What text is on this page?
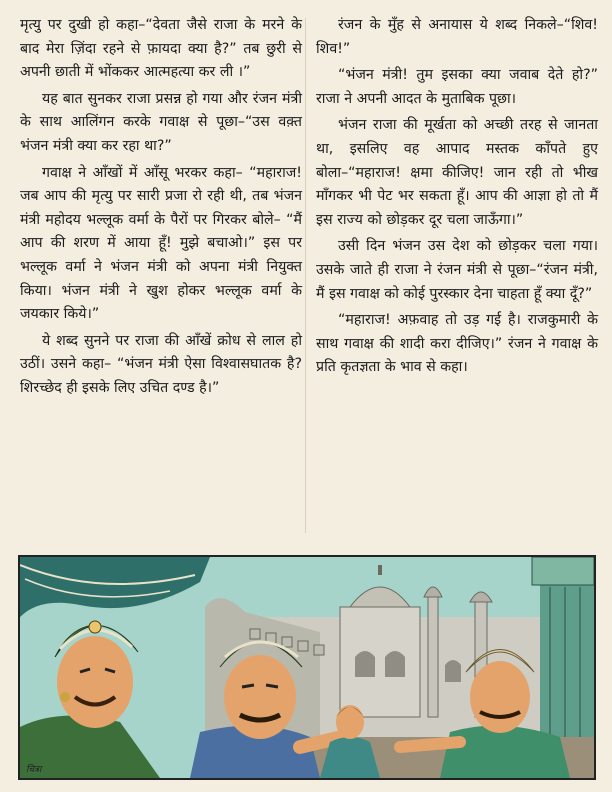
मृत्यु पर दुखी हो कहा–“देवता जैसे राजा के मरने के बाद मेरा ज़िंदा रहने से फ़ायदा क्या है?” तब छुरी से अपनी छाती में भोंककर आत्महत्या कर ली ।”

यह बात सुनकर राजा प्रसन्न हो गया और रंजन मंत्री के साथ आलिंगन करके गवाक्ष से पूछा–“उस वक़्त भंजन मंत्री क्या कर रहा था?”

गवाक्ष ने आँखों में आँसू भरकर कहा– “महाराज! जब आप की मृत्यु पर सारी प्रजा रो रही थी, तब भंजन मंत्री महोदय भल्लूक वर्मा के पैरों पर गिरकर बोले– “मैं आप की शरण में आया हूँ! मुझे बचाओ।” इस पर भल्लूक वर्मा ने भंजन मंत्री को अपना मंत्री नियुक्त किया। भंजन मंत्री ने खुश होकर भल्लूक वर्मा के जयकार किये।”

ये शब्द सुनने पर राजा की आँखें क्रोध से लाल हो उठीं। उसने कहा– “भंजन मंत्री ऐसा विश्वासघातक है? शिरच्छेद ही इसके लिए उचित दण्ड है।”

रंजन के मुँह से अनायास ये शब्द निकले–“शिव! शिव!”

“भंजन मंत्री! तुम इसका क्या जवाब देते हो?” राजा ने अपनी आदत के मुताबिक पूछा।

भंजन राजा की मूर्खता को अच्छी तरह से जानता था, इसलिए वह आपाद मस्तक काँपते हुए बोला–“महाराज! क्षमा कीजिए! जान रही तो भीख माँगकर भी पेट भर सकता हूँ। आप की आज्ञा हो तो मैं इस राज्य को छोड़कर दूर चला जाऊँगा।”

उसी दिन भंजन उस देश को छोड़कर चला गया। उसके जाते ही राजा ने रंजन मंत्री से पूछा–“रंजन मंत्री, मैं इस गवाक्ष को कोई पुरस्कार देना चाहता हूँ क्या दूँ?”

“महाराज! अफ़वाह तो उड़ गई है। राजकुमारी के साथ गवाक्ष की शादी करा दीजिए।” रंजन ने गवाक्ष के प्रति कृतज्ञता के भाव से कहा।

चित्रा
